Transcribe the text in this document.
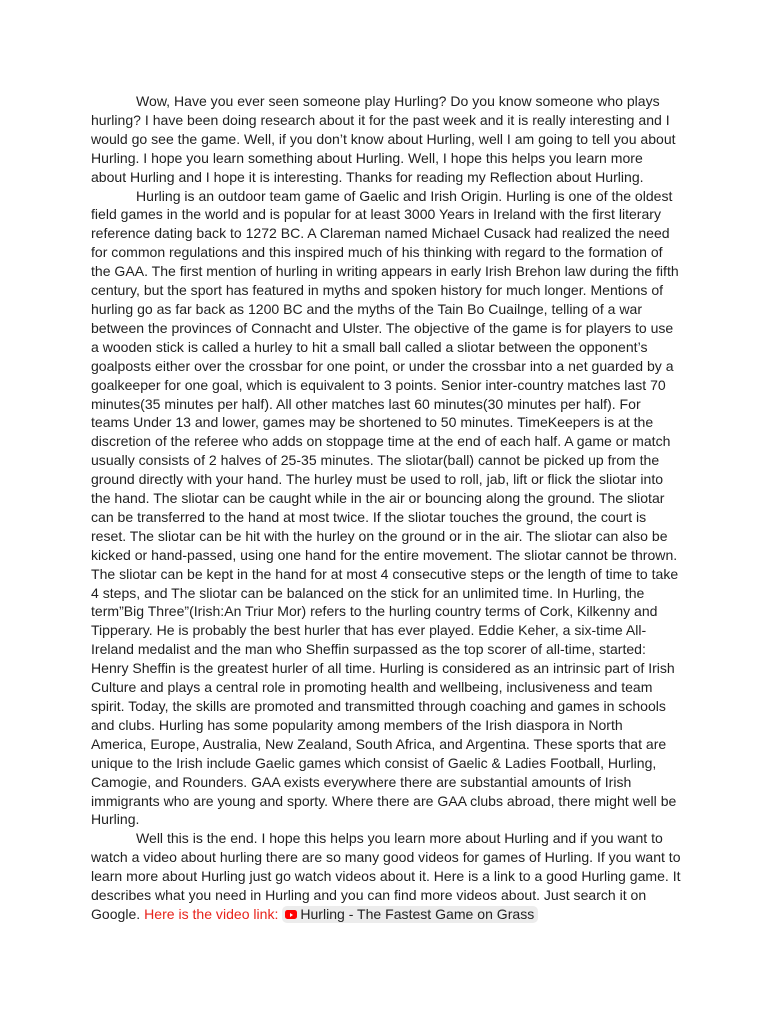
Wow, Have you ever seen someone play Hurling? Do you know someone who plays hurling? I have been doing research about it for the past week and it is really interesting and I would go see the game. Well, if you don’t know about Hurling, well I am going to tell you about Hurling. I hope you learn something about Hurling. Well, I hope this helps you learn more about Hurling and I hope it is interesting. Thanks for reading my Reflection about Hurling.

Hurling is an outdoor team game of Gaelic and Irish Origin. Hurling is one of the oldest field games in the world and is popular for at least 3000 Years in Ireland with the first literary reference dating back to 1272 BC. A Clareman named Michael Cusack had realized the need for common regulations and this inspired much of his thinking with regard to the formation of the GAA. The first mention of hurling in writing appears in early Irish Brehon law during the fifth century, but the sport has featured in myths and spoken history for much longer. Mentions of hurling go as far back as 1200 BC and the myths of the Tain Bo Cuailnge, telling of a war between the provinces of Connacht and Ulster. The objective of the game is for players to use a wooden stick is called a hurley to hit a small ball called a sliotar between the opponent’s goalposts either over the crossbar for one point, or under the crossbar into a net guarded by a goalkeeper for one goal, which is equivalent to 3 points. Senior inter-country matches last 70 minutes(35 minutes per half). All other matches last 60 minutes(30 minutes per half). For teams Under 13 and lower, games may be shortened to 50 minutes. TimeKeepers is at the discretion of the referee who adds on stoppage time at the end of each half. A game or match usually consists of 2 halves of 25-35 minutes. The sliotar(ball) cannot be picked up from the ground directly with your hand. The hurley must be used to roll, jab, lift or flick the sliotar into the hand. The sliotar can be caught while in the air or bouncing along the ground. The sliotar can be transferred to the hand at most twice. If the sliotar touches the ground, the court is reset. The sliotar can be hit with the hurley on the ground or in the air. The sliotar can also be kicked or hand-passed, using one hand for the entire movement. The sliotar cannot be thrown. The sliotar can be kept in the hand for at most 4 consecutive steps or the length of time to take 4 steps, and The sliotar can be balanced on the stick for an unlimited time. In Hurling, the term”Big Three”(Irish:An Triur Mor) refers to the hurling country terms of Cork, Kilkenny and Tipperary. He is probably the best hurler that has ever played. Eddie Keher, a six-time All-Ireland medalist and the man who Sheffin surpassed as the top scorer of all-time, started: Henry Sheffin is the greatest hurler of all time. Hurling is considered as an intrinsic part of Irish Culture and plays a central role in promoting health and wellbeing, inclusiveness and team spirit. Today, the skills are promoted and transmitted through coaching and games in schools and clubs. Hurling has some popularity among members of the Irish diaspora in North America, Europe, Australia, New Zealand, South Africa, and Argentina. These sports that are unique to the Irish include Gaelic games which consist of Gaelic & Ladies Football, Hurling, Camogie, and Rounders. GAA exists everywhere there are substantial amounts of Irish immigrants who are young and sporty. Where there are GAA clubs abroad, there might well be Hurling.

Well this is the end. I hope this helps you learn more about Hurling and if you want to watch a video about hurling there are so many good videos for games of Hurling. If you want to learn more about Hurling just go watch videos about it. Here is a link to a good Hurling game. It describes what you need in Hurling and you can find more videos about. Just search it on Google. Here is the video link: Hurling - The Fastest Game on Grass
